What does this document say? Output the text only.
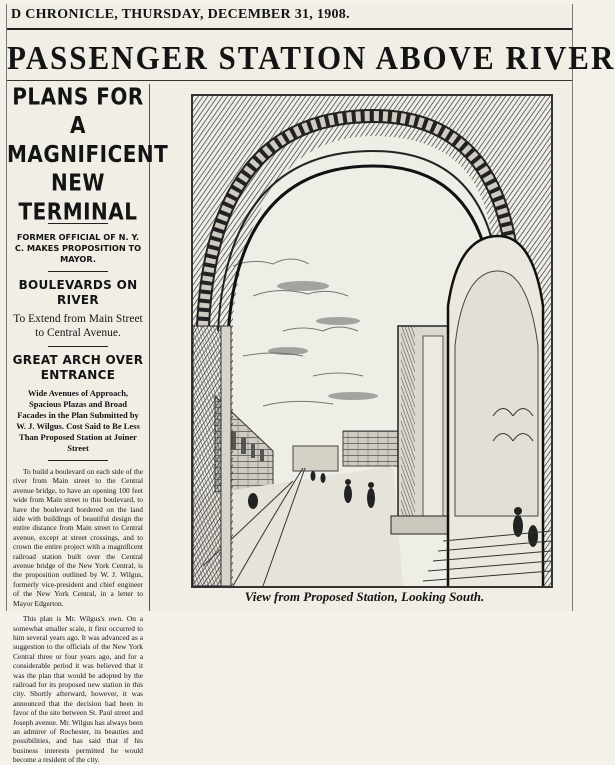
D CHRONICLE, THURSDAY, DECEMBER 31, 1908.
PASSENGER STATION ABOVE RIVER
PLANS FOR A
MAGNIFICENT
NEW TERMINAL
FORMER OFFICIAL OF N. Y. C. MAKES PROPOSITION TO MAYOR.
BOULEVARDS ON RIVER
To Extend from Main Street to Central Avenue.
GREAT ARCH OVER ENTRANCE
Wide Avenues of Approach, Spacious Plazas and Broad Facades in the Plan Submitted by W. J. Wilgus. Cost Said to Be Less Than Proposed Station at Joiner Street
To build a boulevard on each side of the river from Main street to the Central avenue bridge, to have an opening 100 feet wide from Main street to this boulevard, to have the boulevard bordered on the land side with buildings of beautiful design the entire distance from Main street to Central avenue, except at street crossings, and to crown the entire project with a magnificent railroad station built over the Central avenue bridge of the New York Central, is the proposition outlined by W. J. Wilgus, formerly vice-president and chief engineer of the New York Central, in a letter to Mayor Edgerton.
This plan is Mr. Wilgus's own. On a somewhat smaller scale, it first occurred to him several years ago. It was advanced as a suggestion to the officials of the New York Central three or four years ago, and for a considerable period it was believed that it was the plan that would be adopted by the railroad for its proposed new station in this city. Shortly afterward, however, it was announced that the decision had been in favor of the site between St. Paul street and Joseph avenue. Mr. Wilgus has always been an admirer of Rochester, its beauties and possibilities, and has said that if his business interests permitted he would become a resident of the city.
View from Proposed Station, Looking South.
